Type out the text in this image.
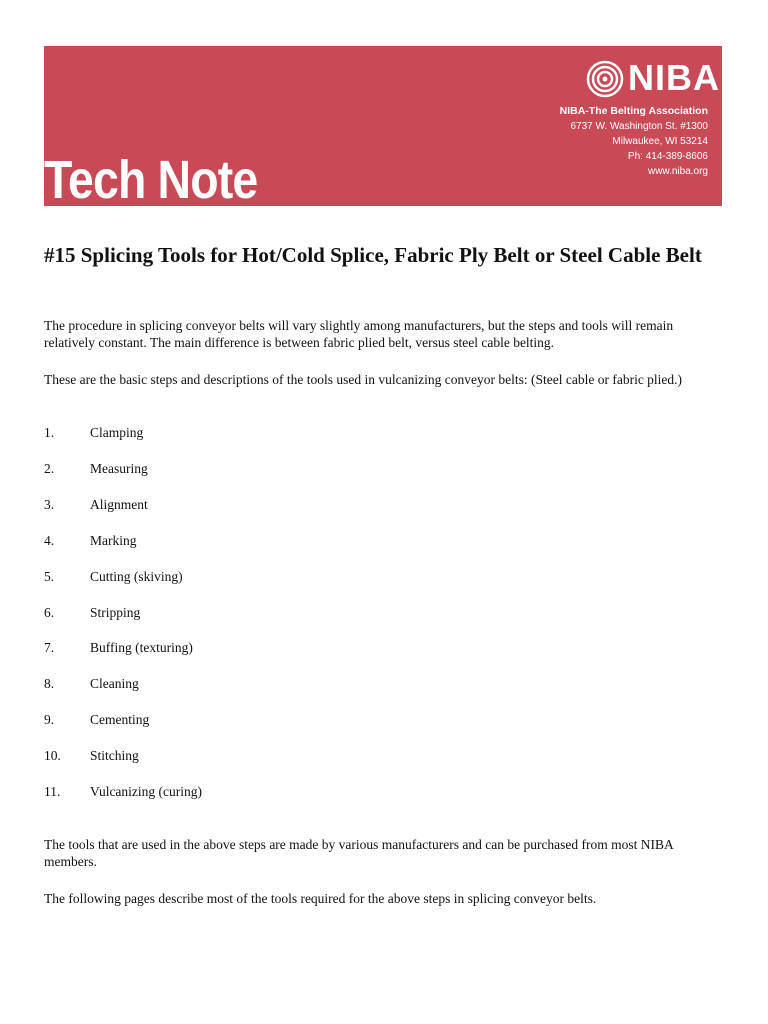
NIBA
NIBA-The Belting Association
6737 W. Washington St. #1300
Milwaukee, WI 53214
Ph: 414-389-8606
www.niba.org
Tech Note
Technical Notes from the Technical Committee, NIBA – The Belting Association
#15 Splicing Tools for Hot/Cold Splice, Fabric Ply Belt or Steel Cable Belt

The procedure in splicing conveyor belts will vary slightly among manufacturers, but the steps and tools will remain relatively constant. The main difference is between fabric plied belt, versus steel cable belting.

These are the basic steps and descriptions of the tools used in vulcanizing conveyor belts: (Steel cable or fabric plied.)

1.	Clamping
2.	Measuring
3.	Alignment
4.	Marking
5.	Cutting (skiving)
6.	Stripping
7.	Buffing (texturing)
8.	Cleaning
9.	Cementing
10.	Stitching
11.	Vulcanizing (curing)

The tools that are used in the above steps are made by various manufacturers and can be purchased from most NIBA members.

The following pages describe most of the tools required for the above steps in splicing conveyor belts.
